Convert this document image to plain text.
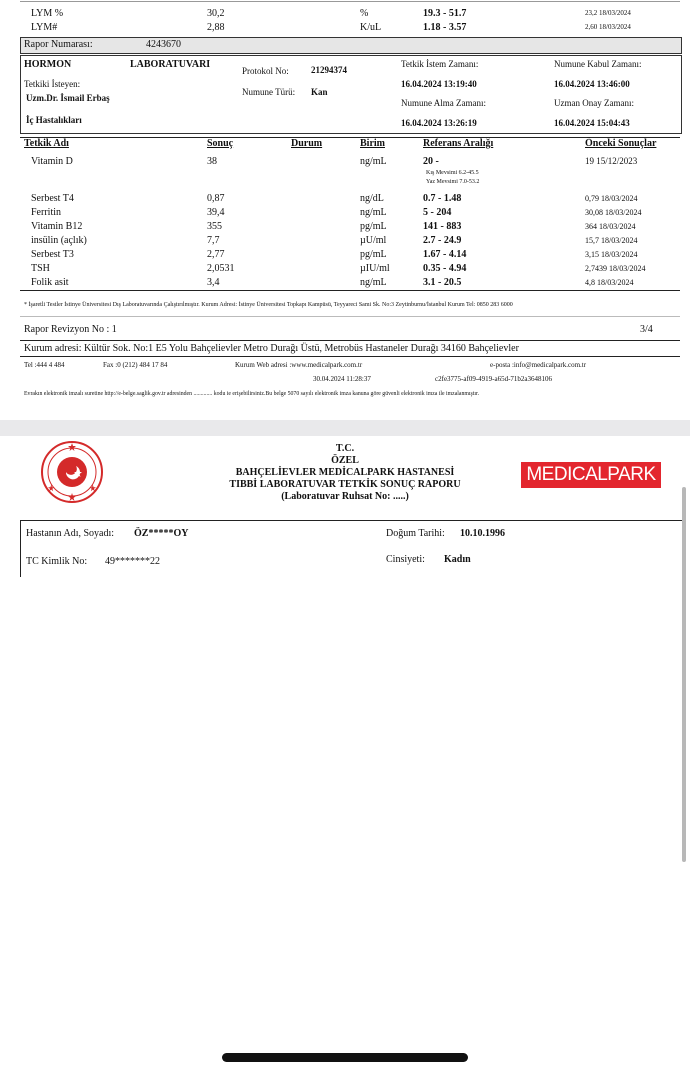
LYM %	30,2	%	19.3 - 51.7	23,2 18/03/2024
LYM#	2,88	K/uL	1.18 - 3.57	2,60 18/03/2024
Rapor Numarası:	4243670
HORMON	LABORATUVARI
Protokol No: 21294374
Numune Türü: Kan
Tetkiki İsteyen:
Uzm.Dr. İsmail Erbaş
İç Hastalıkları
Tetkik İstem Zamanı:
16.04.2024 13:19:40
Numune Alma Zamanı:
16.04.2024 13:26:19
Numune Kabul Zamanı:
16.04.2024 13:46:00
Uzman Onay Zamanı:
16.04.2024 15:04:43
Tetkik Adı	Sonuç	Durum	Birim	Referans Aralığı	Önceki Sonuçlar
Vitamin D	38	ng/mL	20 -	19 15/12/2023
Kış Mevsimi 6.2-45.5
Yaz Mevsimi 7.0-53.2
Serbest T4	0,87	ng/dL	0.7 - 1.48	0,79 18/03/2024
Ferritin	39,4	ng/mL	5 - 204	30,08 18/03/2024
Vitamin B12	355	pg/mL	141 - 883	364 18/03/2024
insülin (açlık)	7,7	µU/ml	2.7 - 24.9	15,7 18/03/2024
Serbest T3	2,77	pg/mL	1.67 - 4.14	3,15 18/03/2024
TSH	2,0531	µIU/ml	0.35 - 4.94	2,7439 18/03/2024
Folik asit	3,4	ng/mL	3.1 - 20.5	4,8 18/03/2024
* İşaretli Testler İstinye Üniversitesi Dış Laboratuvarında Çalıştırılmıştır. Kurum Adresi: İstinye Üniversitesi Topkapı Kampüsü, Teyyareci Sami Sk. No:3 Zeytinburnu/İstanbul Kurum Tel: 0850 283 6000
Rapor Revizyon No : 1	3/4
Kurum adresi: Kültür Sok. No:1 E5 Yolu Bahçelievler Metro Durağı Üstü, Metrobüs Hastaneler Durağı 34160 Bahçelievler
Tel :444 4 484	Fax :0 (212) 484 17 84	Kurum Web adresi :www.medicalpark.com.tr	e-posta :info@medicalpark.com.tr
30.04.2024 11:28:37	c2fe3775-af09-4919-a65d-71b2a3648106
Evrakın elektronik imzalı suretine http://e-belge.saglik.gov.tr adresinden ............. kodu ie erişebilirsiniz.Bu belge 5070 sayılı elektronik imza kanuna göre güvenli elektronik imza ile imzalanmıştır.
T.C.
ÖZEL
BAHÇELİEVLER MEDİCALPARK HASTANESİ
TIBBİ LABORATUVAR TETKİK SONUÇ RAPORU
(Laboratuvar Ruhsat No: .....)
MEDICALPARK
Hastanın Adı, Soyadı: ÖZ*****OY	Doğum Tarihi: 10.10.1996
TC Kimlik No: 49*******22	Cinsiyeti: Kadın
